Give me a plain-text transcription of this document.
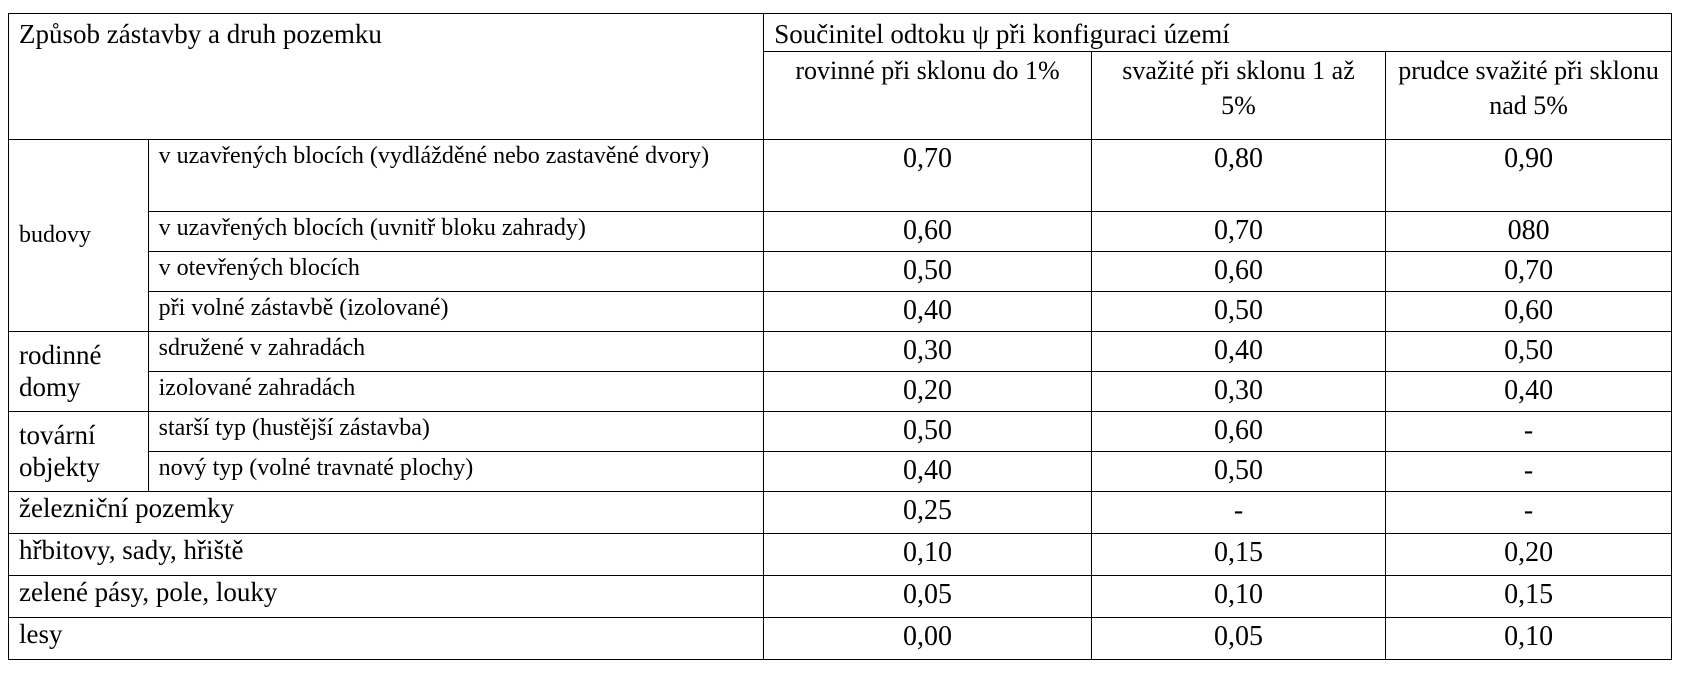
Způsob zástavby a druh pozemku		Součinitel odtoku ψ při konfiguraci území		
		rovinné při sklonu do 1%	svažité při sklonu 1 až 5%	prudce svažité při sklonu nad 5%
budovy	v uzavřených blocích (vydlážděné nebo zastavěné dvory)	0,70	0,80	0,90
	v uzavřených blocích (uvnitř bloku zahrady)	0,60	0,70	080
	v otevřených blocích	0,50	0,60	0,70
	při volné zástavbě (izolované)	0,40	0,50	0,60
rodinné domy	sdružené v zahradách	0,30	0,40	0,50
	izolované zahradách	0,20	0,30	0,40
tovární objekty	starší typ (hustější zástavba)	0,50	0,60	-
	nový typ (volné travnaté plochy)	0,40	0,50	-
železniční pozemky		0,25	-	-
hřbitovy, sady, hřiště		0,10	0,15	0,20
zelené pásy, pole, louky		0,05	0,10	0,15
lesy		0,00	0,05	0,10
